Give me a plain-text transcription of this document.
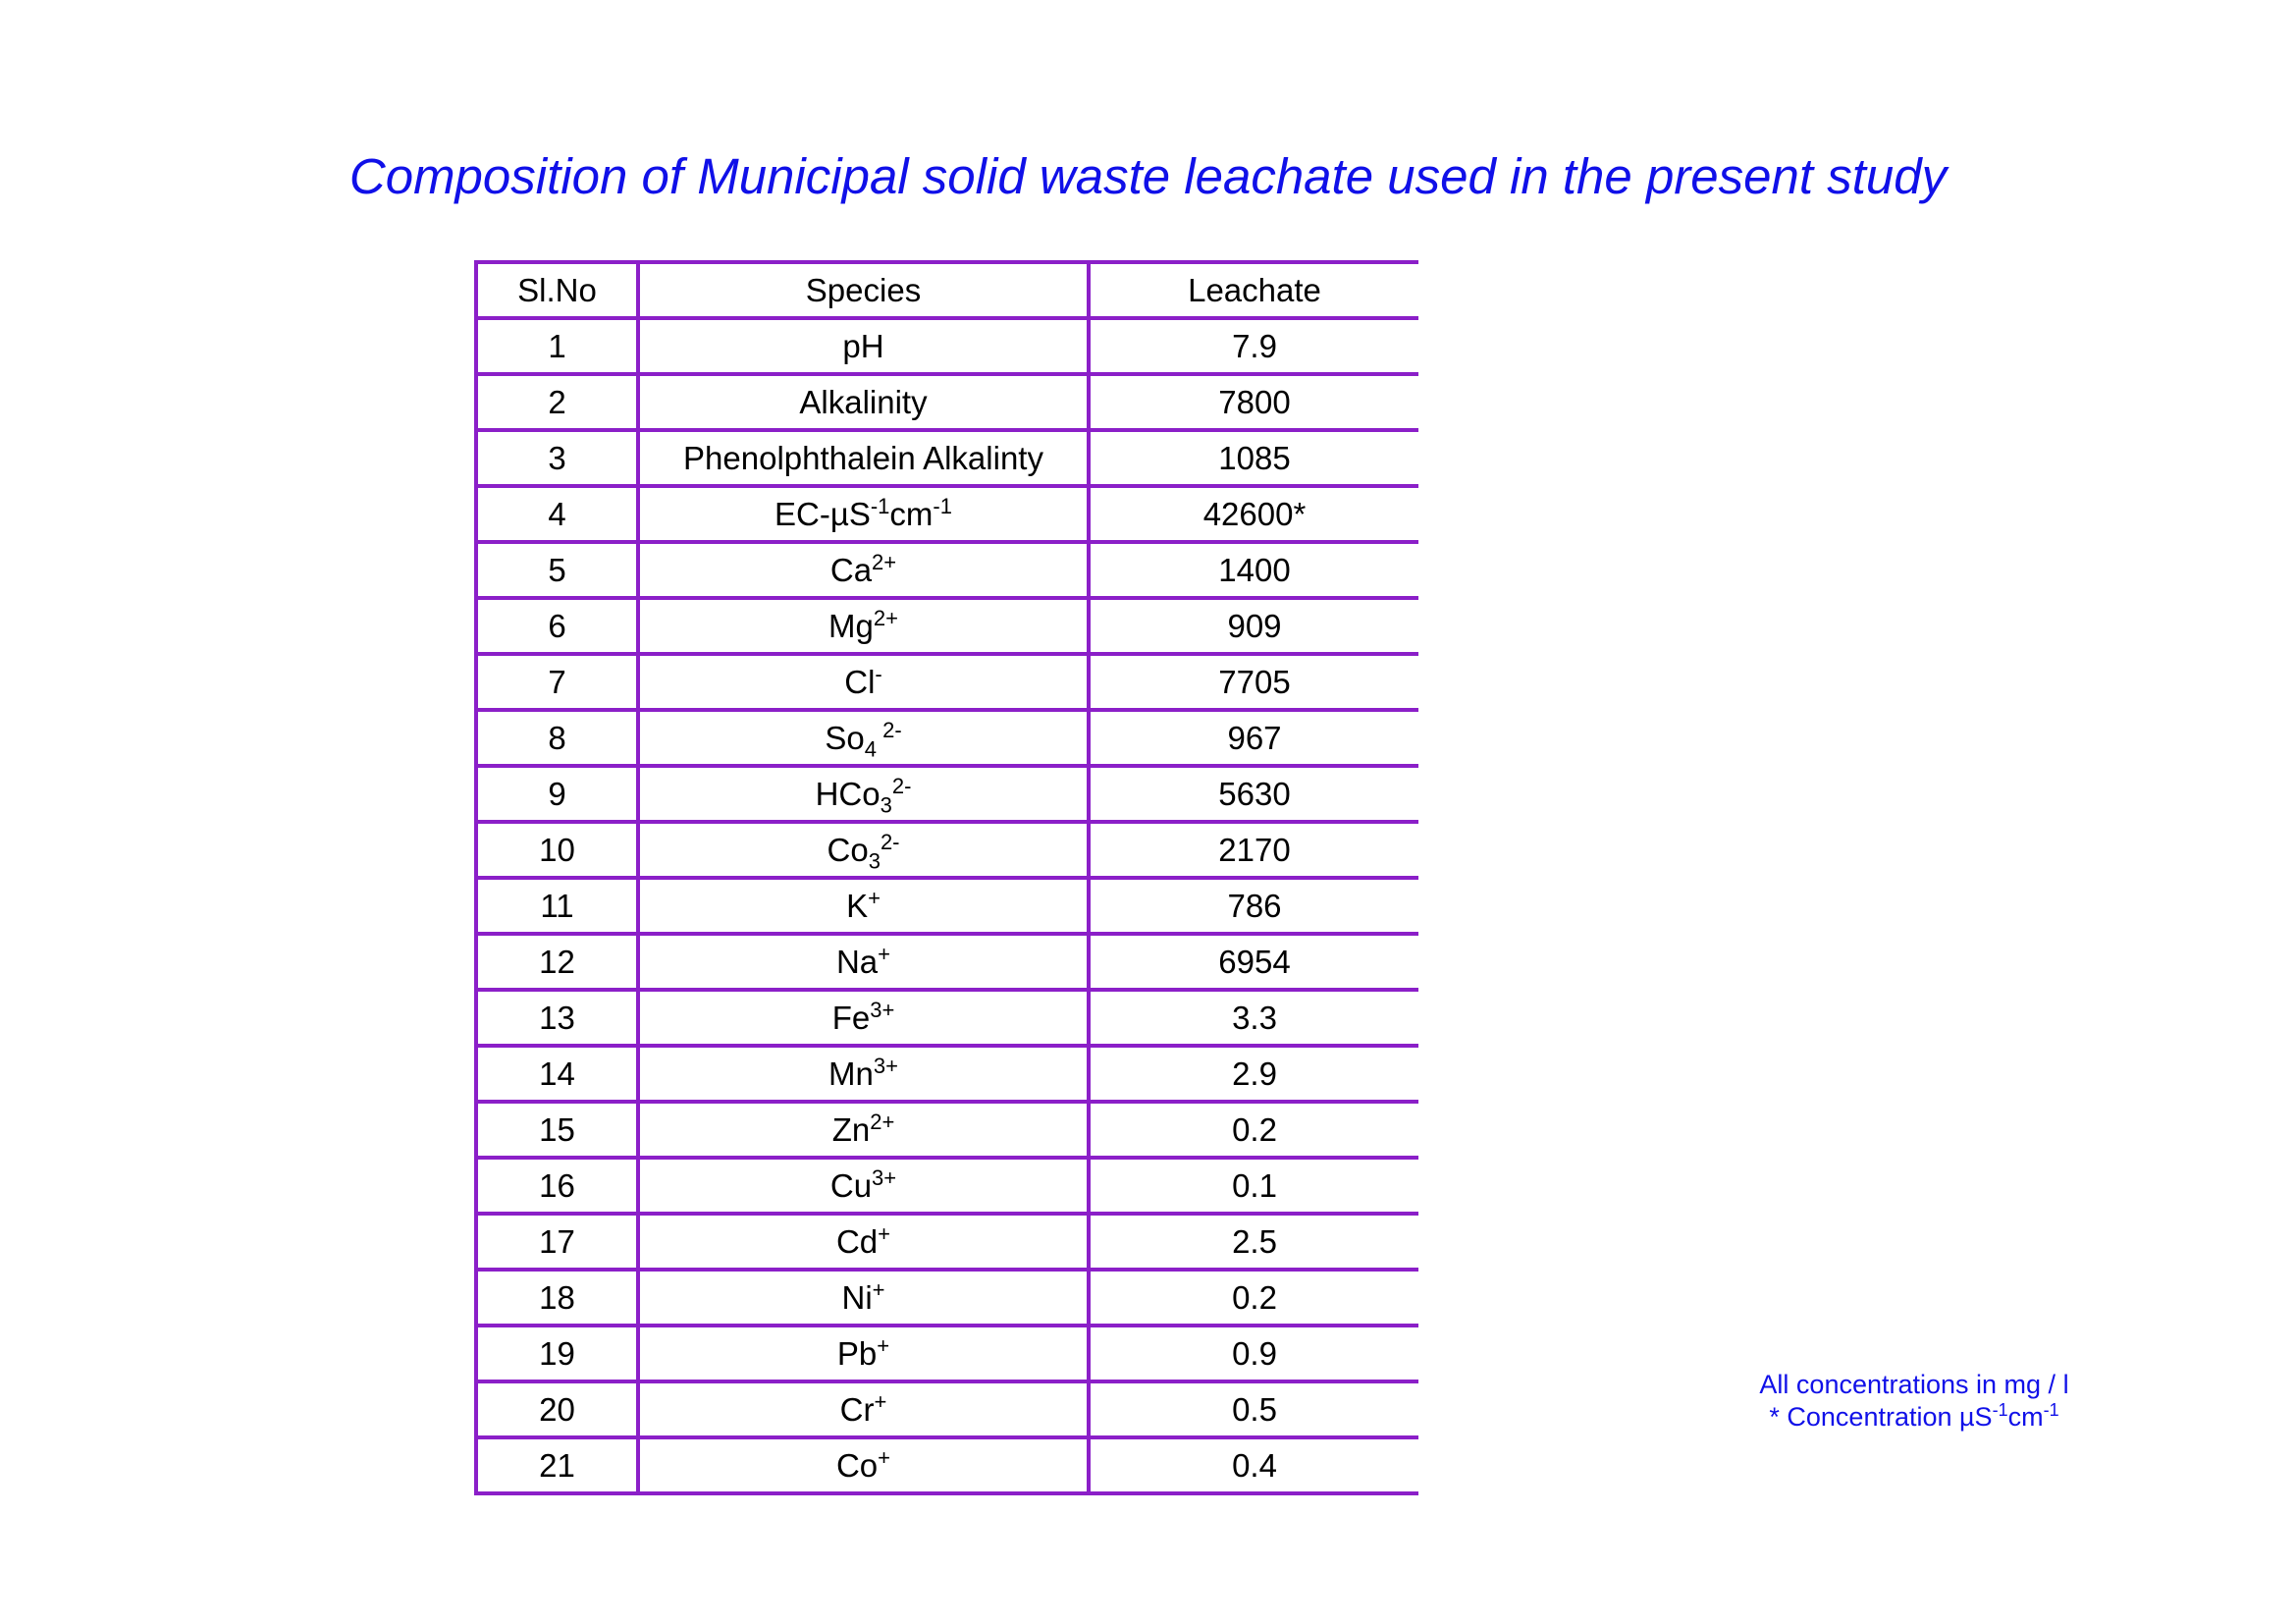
Composition of Municipal solid waste leachate used in the present study
Sl.No	Species	Leachate
1	pH	7.9
2	Alkalinity	7800
3	Phenolphthalein Alkalinty	1085
4	$EC-\mu S^{-1}cm^{-1}$	42600*
5	$Ca^{2+}$	1400
6	$Mg^{2+}$	909
7	Cl-	7705
8	$So_4$ $^{2-}$	967
9	HCo$_3^{2-}$	5630
10	$Co_3^{2-}$	2170
11	K+	786
12	Na+	6954
13	$Fe^{3+}$	3.3
14	$Mn^{3+}$	2.9
15	$Zn^{2+}$	0.2
16	$Cu^{3+}$	0.1
17	Cd+	2.5
18	Ni+	0.2
19	Pb+	0.9
20	Cr+	0.5
21	Co+	0.4
All concentrations in mg / l
* Concentration $\mu S^{-1}cm^{-1}$
